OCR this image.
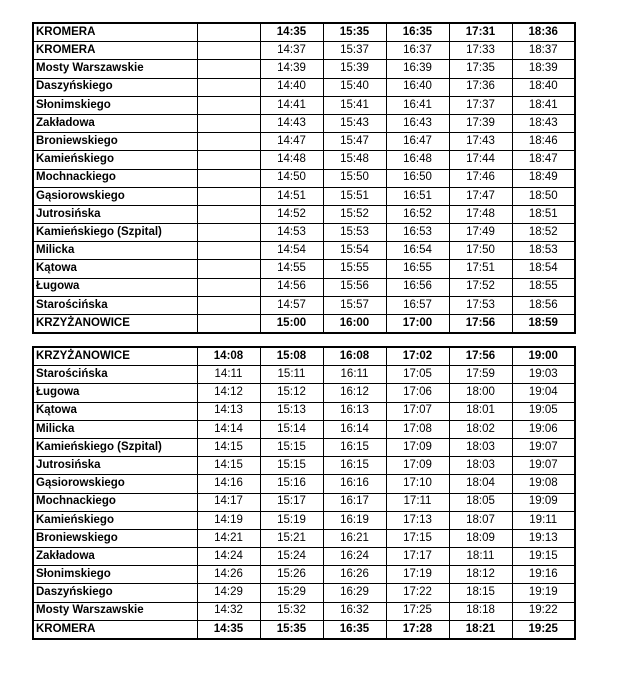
KROMERA		14:35	15:35	16:35	17:31	18:36
KROMERA		14:37	15:37	16:37	17:33	18:37
Mosty Warszawskie		14:39	15:39	16:39	17:35	18:39
Daszyńskiego		14:40	15:40	16:40	17:36	18:40
Słonimskiego		14:41	15:41	16:41	17:37	18:41
Zakładowa		14:43	15:43	16:43	17:39	18:43
Broniewskiego		14:47	15:47	16:47	17:43	18:46
Kamieńskiego		14:48	15:48	16:48	17:44	18:47
Mochnackiego		14:50	15:50	16:50	17:46	18:49
Gąsiorowskiego		14:51	15:51	16:51	17:47	18:50
Jutrosińska		14:52	15:52	16:52	17:48	18:51
Kamieńskiego (Szpital)		14:53	15:53	16:53	17:49	18:52
Milicka		14:54	15:54	16:54	17:50	18:53
Kątowa		14:55	15:55	16:55	17:51	18:54
Ługowa		14:56	15:56	16:56	17:52	18:55
Starościńska		14:57	15:57	16:57	17:53	18:56
KRZYŻANOWICE		15:00	16:00	17:00	17:56	18:59
KRZYŻANOWICE	14:08	15:08	16:08	17:02	17:56	19:00
Starościńska	14:11	15:11	16:11	17:05	17:59	19:03
Ługowa	14:12	15:12	16:12	17:06	18:00	19:04
Kątowa	14:13	15:13	16:13	17:07	18:01	19:05
Milicka	14:14	15:14	16:14	17:08	18:02	19:06
Kamieńskiego (Szpital)	14:15	15:15	16:15	17:09	18:03	19:07
Jutrosińska	14:15	15:15	16:15	17:09	18:03	19:07
Gąsiorowskiego	14:16	15:16	16:16	17:10	18:04	19:08
Mochnackiego	14:17	15:17	16:17	17:11	18:05	19:09
Kamieńskiego	14:19	15:19	16:19	17:13	18:07	19:11
Broniewskiego	14:21	15:21	16:21	17:15	18:09	19:13
Zakładowa	14:24	15:24	16:24	17:17	18:11	19:15
Słonimskiego	14:26	15:26	16:26	17:19	18:12	19:16
Daszyńskiego	14:29	15:29	16:29	17:22	18:15	19:19
Mosty Warszawskie	14:32	15:32	16:32	17:25	18:18	19:22
KROMERA	14:35	15:35	16:35	17:28	18:21	19:25
